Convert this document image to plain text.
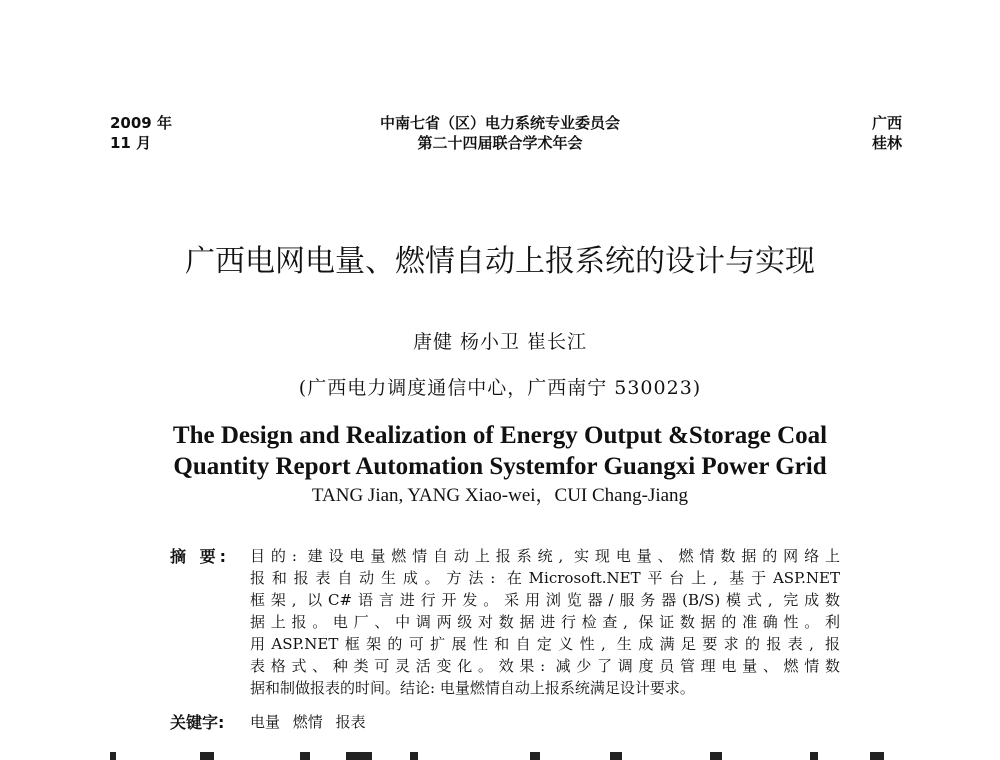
2009 年
11 月
中南七省（区）电力系统专业委员会
第二十四届联合学术年会
广西
桂林
广西电网电量、燃情自动上报系统的设计与实现
唐健 杨小卫 崔长江
(广西电力调度通信中心，广西南宁 530023)
The Design and Realization of Energy Output &Storage Coal
Quantity Report Automation Systemfor Guangxi Power Grid
TANG Jian, YANG Xiao-wei，CUI Chang-Jiang
摘 要: 目的: 建设电量燃情自动上报系统, 实现电量、燃情数据的网络上
报和报表自动生成。方法: 在Microsoft.NET平台上, 基于ASP.NET
框架, 以C#语言进行开发。采用浏览器/服务器(B/S)模式, 完成数
据上报。电厂、中调两级对数据进行检查, 保证数据的准确性。利
用ASP.NET框架的可扩展性和自定义性, 生成满足要求的报表, 报
表格式、种类可灵活变化。效果: 减少了调度员管理电量、燃情数
据和制做报表的时间。结论: 电量燃情自动上报系统满足设计要求。
关键字: 电量 燃情 报表
